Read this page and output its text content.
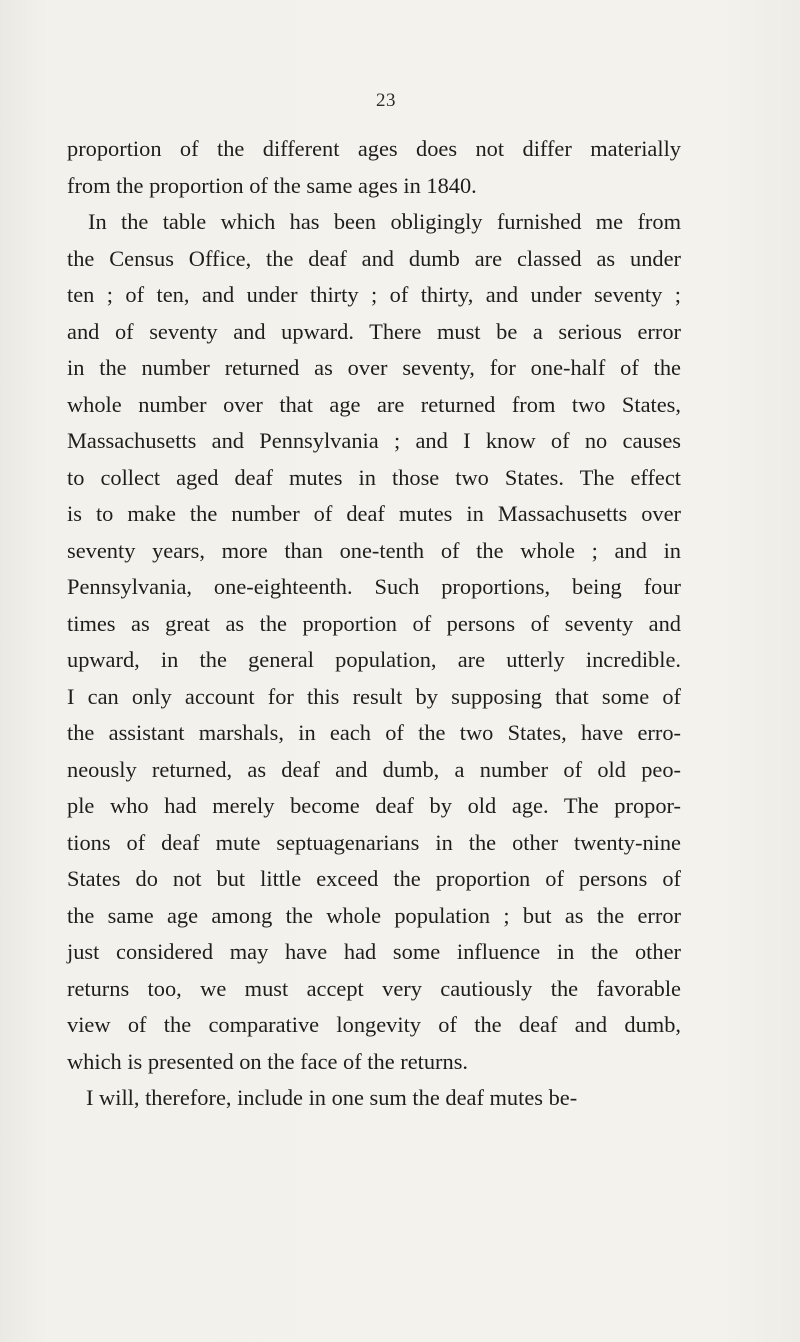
23
proportion of the different ages does not differ materially
from the proportion of the same ages in 1840.
In the table which has been obligingly furnished me from
the Census Office, the deaf and dumb are classed as under
ten ; of ten, and under thirty ; of thirty, and under seventy ;
and of seventy and upward. There must be a serious error
in the number returned as over seventy, for one-half of the
whole number over that age are returned from two States,
Massachusetts and Pennsylvania ; and I know of no causes
to collect aged deaf mutes in those two States. The effect
is to make the number of deaf mutes in Massachusetts over
seventy years, more than one-tenth of the whole ; and in
Pennsylvania, one-eighteenth. Such proportions, being four
times as great as the proportion of persons of seventy and
upward, in the general population, are utterly incredible.
I can only account for this result by supposing that some of
the assistant marshals, in each of the two States, have erro-
neously returned, as deaf and dumb, a number of old peo-
ple who had merely become deaf by old age. The propor-
tions of deaf mute septuagenarians in the other twenty-nine
States do not but little exceed the proportion of persons of
the same age among the whole population ; but as the error
just considered may have had some influence in the other
returns too, we must accept very cautiously the favorable
view of the comparative longevity of the deaf and dumb,
which is presented on the face of the returns.
I will, therefore, include in one sum the deaf mutes be-
